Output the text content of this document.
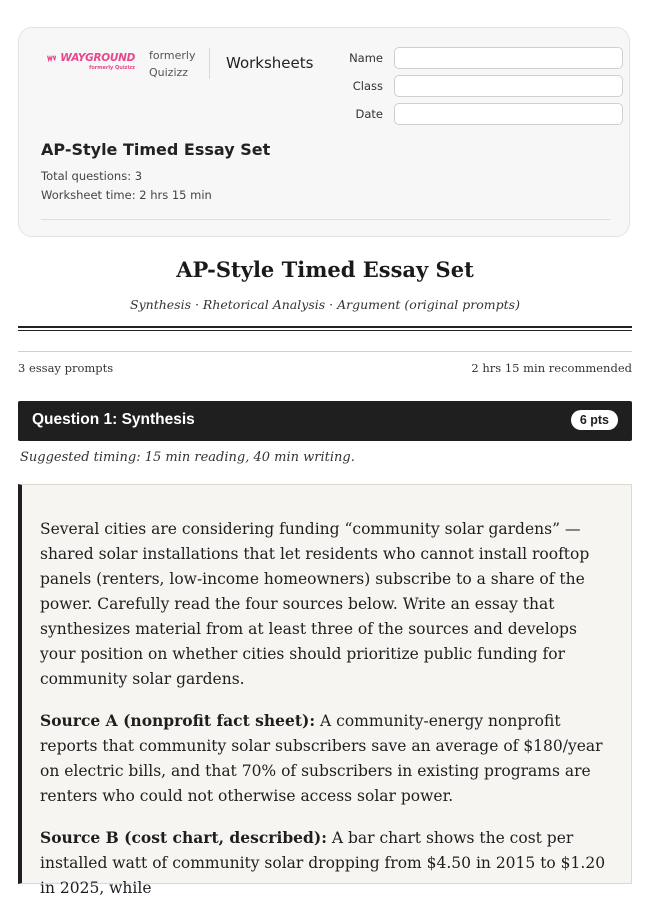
WAYGROUND
formerly Quizizz
formerly
Quizizz
Worksheets	Name
Class
Date
AP-Style Timed Essay Set
Total questions: 3
Worksheet time: 2 hrs 15 min
AP-Style Timed Essay Set
Synthesis · Rhetorical Analysis · Argument (original prompts)
3 essay prompts	2 hrs 15 min recommended
Question 1: Synthesis	6 pts
Suggested timing: 15 min reading, 40 min writing.

Several cities are considering funding “community solar gardens” — shared solar installations that let residents who cannot install rooftop panels (renters, low-income homeowners) subscribe to a share of the power. Carefully read the four sources below. Write an essay that synthesizes material from at least three of the sources and develops your position on whether cities should prioritize public funding for community solar gardens.

Source A (nonprofit fact sheet): A community-energy nonprofit reports that community solar subscribers save an average of $180/year on electric bills, and that 70% of subscribers in existing programs are renters who could not otherwise access solar power.

Source B (cost chart, described): A bar chart shows the cost per installed watt of community solar dropping from $4.50 in 2015 to $1.20 in 2025, while
